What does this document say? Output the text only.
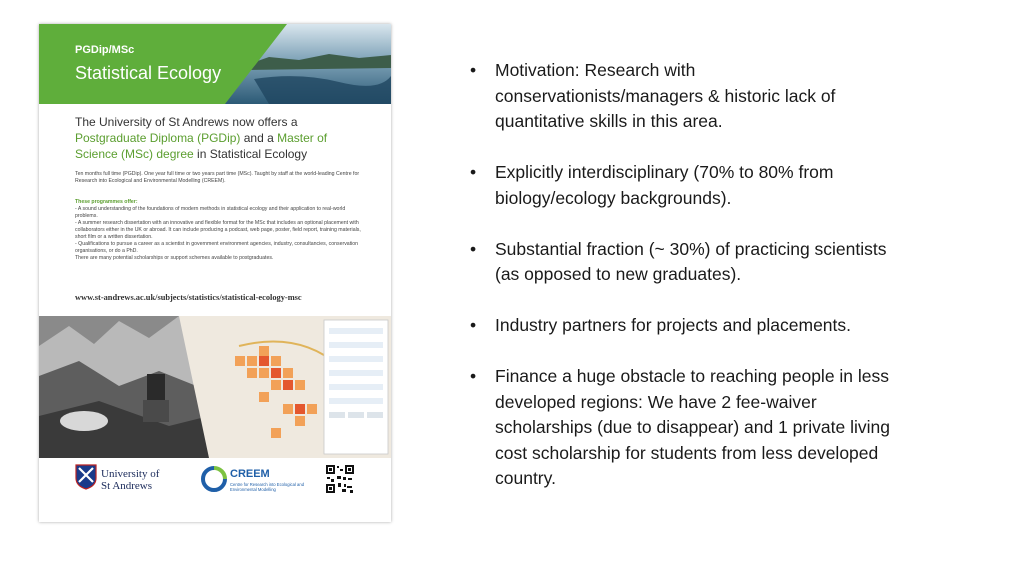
PGDip/MSc
Statistical Ecology
The University of St Andrews now offers a Postgraduate Diploma (PGDip) and a Master of Science (MSc) degree in Statistical Ecology
Ten months full time (PGDip). One year full time or two years part time (MSc). Taught by staff at the world-leading Centre for Research into Ecological and Environmental Modelling (CREEM).
These programmes offer:
- A sound understanding of the foundations of modern methods in statistical ecology and their application to real-world problems.
- A summer research dissertation with an innovative and flexible format for the MSc that includes an optional placement with collaborators either in the UK or abroad. It can include producing a podcast, web page, poster, field report, training materials, short film or a written dissertation.
- Qualifications to pursue a career as a scientist in government environment agencies, industry, consultancies, conservation organisations, or do a PhD.
There are many potential scholarships or support schemes available to postgraduates.
www.st-andrews.ac.uk/subjects/statistics/statistical-ecology-msc
University of
St Andrews
CREEM
Centre for Research into Ecological and Environmental Modelling
• Motivation: Research with conservationists/managers & historic lack of quantitative skills in this area.
• Explicitly interdisciplinary (70% to 80% from biology/ecology backgrounds).
• Substantial fraction (~ 30%) of practicing scientists (as opposed to new graduates).
• Industry partners for projects and placements.
• Finance a huge obstacle to reaching people in less developed regions: We have 2 fee-waiver scholarships (due to disappear) and 1 private living cost scholarship for students from less developed country.
